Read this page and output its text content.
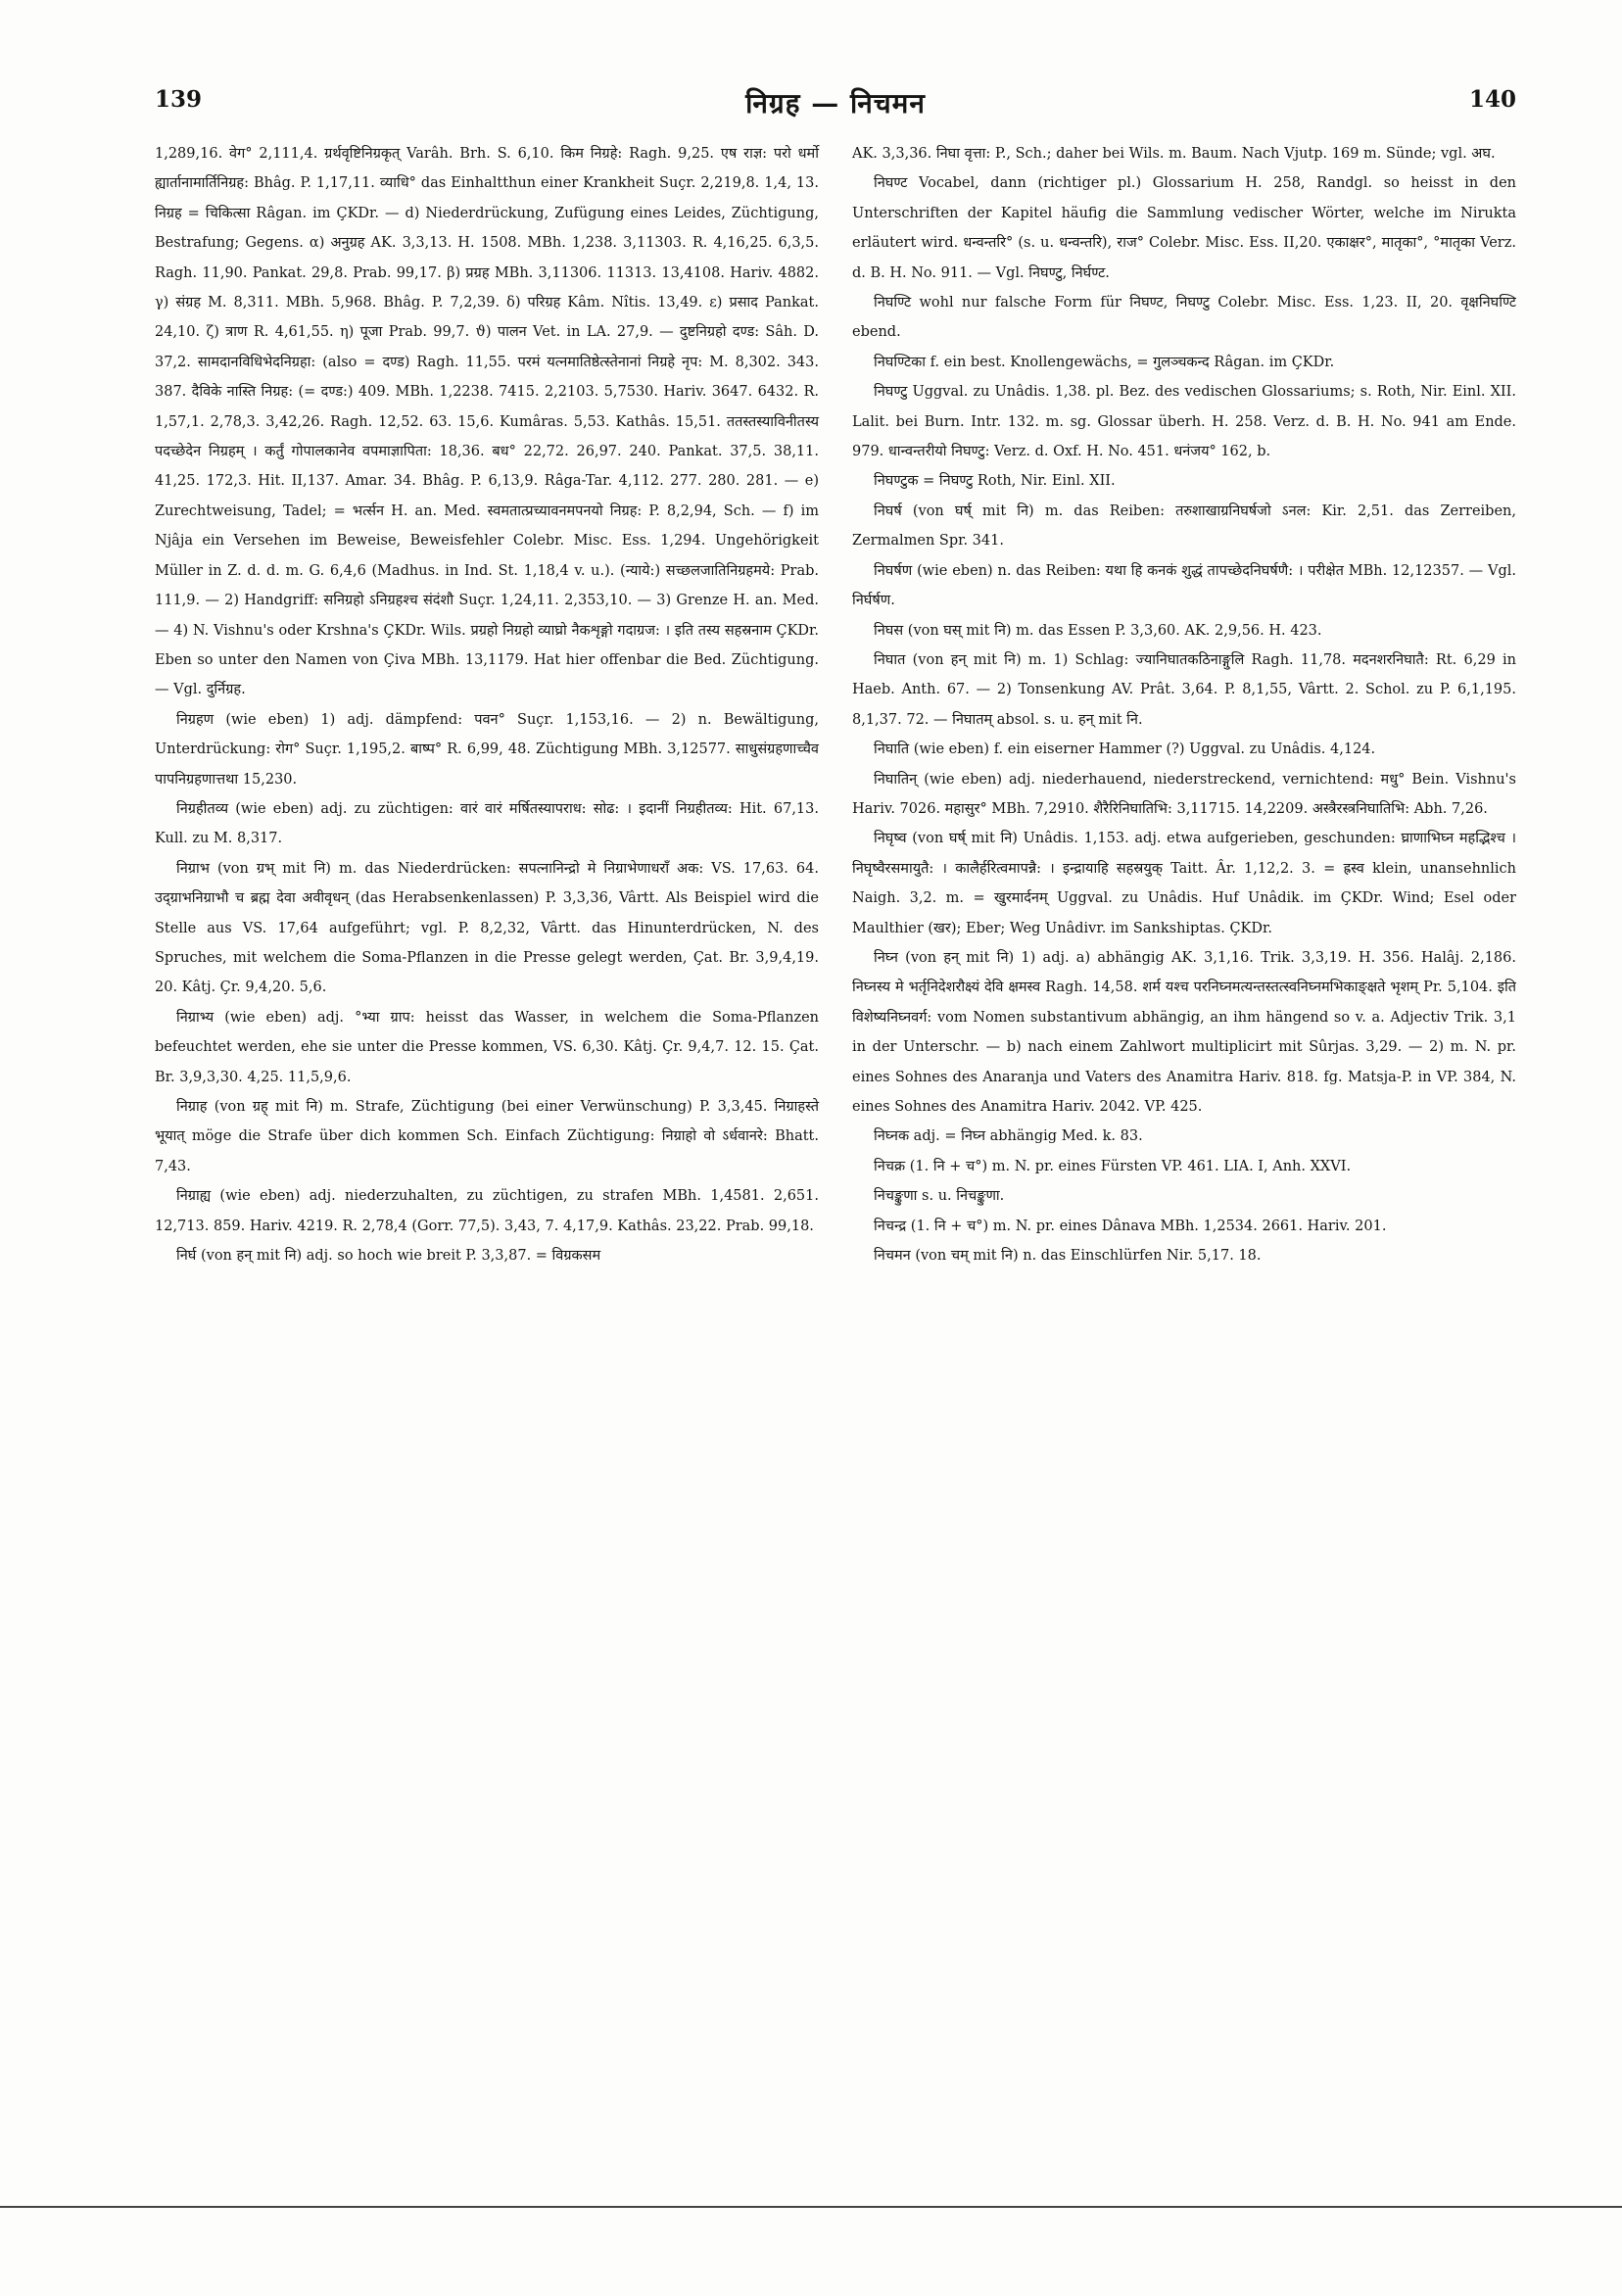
139	निग्रह — निचमन	140

1,289,16. वेग° 2,111,4. ग्रर्थवृष्टिनिग्रकृत् Varâh. Brh. S. 6,10. किम निग्रहे: Ragh. 9,25. एष राज्ञ: परो धर्मो ह्यार्तानामार्तिनिग्रह: Bhâg. P. 1,17,11. व्याधि° das Einhaltthun einer Krankheit Suçr. 2,219,8. 1,4, 13. निग्रह = चिकित्सा Râgan. im ÇKDr. — d) Niederdrückung, Zufügung eines Leides, Züchtigung, Bestrafung; Gegens. α) अनुग्रह AK. 3,3,13. H. 1508. MBh. 1,238. 3,11303. R. 4,16,25. 6,3,5. Ragh. 11,90. Pankat. 29,8. Prab. 99,17. β) प्रग्रह MBh. 3,11306. 11313. 13,4108. Hariv. 4882. γ) संग्रह M. 8,311. MBh. 5,968. Bhâg. P. 7,2,39. δ) परिग्रह Kâm. Nîtis. 13,49. ε) प्रसाद Pankat. 24,10. ζ) त्राण R. 4,61,55. η) पूजा Prab. 99,7. ϑ) पालन Vet. in LA. 27,9. — दुष्टनिग्रहो दण्ड: Sâh. D. 37,2. सामदानविधिभेदनिग्रहा: (also = दण्ड) Ragh. 11,55. परमं यत्नमातिष्ठेत्स्तेनानां निग्रहे नृप: M. 8,302. 343. 387. दैविके नास्ति निग्रह: (= दण्ड:) 409. MBh. 1,2238. 7415. 2,2103. 5,7530. Hariv. 3647. 6432. R. 1,57,1. 2,78,3. 3,42,26. Ragh. 12,52. 63. 15,6. Kumâras. 5,53. Kathâs. 15,51. ततस्तस्याविनीतस्य पदच्छेदेन निग्रहम् । कर्तुं गोपालकानेव वपमाज्ञापिता: 18,36. बध° 22,72. 26,97. 240. Pankat. 37,5. 38,11. 41,25. 172,3. Hit. II,137. Amar. 34. Bhâg. P. 6,13,9. Râga-Tar. 4,112. 277. 280. 281. — e) Zurechtweisung, Tadel; = भर्त्सन H. an. Med. स्वमतात्प्रच्यावनमपनयो निग्रह: P. 8,2,94, Sch. — f) im Njâja ein Versehen im Beweise, Beweisfehler Colebr. Misc. Ess. 1,294. Ungehörigkeit Müller in Z. d. d. m. G. 6,4,6 (Madhus. in Ind. St. 1,18,4 v. u.). (न्याये:) सच्छलजातिनिग्रहमये: Prab. 111,9. — 2) Handgriff: सनिग्रहो ऽनिग्रहश्च संदंशौ Suçr. 1,24,11. 2,353,10. — 3) Grenze H. an. Med. — 4) N. Vishnu's oder Krshna's ÇKDr. Wils. प्रग्रहो निग्रहो व्याघ्रो नैकशृङ्गो गदाग्रज: । इति तस्य सहस्रनाम ÇKDr. Eben so unter den Namen von Çiva MBh. 13,1179. Hat hier offenbar die Bed. Züchtigung. — Vgl. दुर्निग्रह.

निग्रहण (wie eben) 1) adj. dämpfend: पवन° Suçr. 1,153,16. — 2) n. Bewältigung, Unterdrückung: रोग° Suçr. 1,195,2. बाष्प° R. 6,99, 48. Züchtigung MBh. 3,12577. साधुसंग्रहणाच्चैव पापनिग्रहणात्तथा 15,230.

निग्रहीतव्य (wie eben) adj. zu züchtigen: वारं वारं मर्षितस्यापराध: सोढ: । इदानीं निग्रहीतव्य: Hit. 67,13. Kull. zu M. 8,317.

निग्राभ (von ग्रभ् mit नि) m. das Niederdrücken: सपत्नानिन्द्रो मे निग्राभेणाधराँ अक: VS. 17,63. 64. उद्ग्राभनिग्राभौ च ब्रह्म देवा अवीवृधन् (das Herabsenkenlassen) P. 3,3,36, Vârtt. Als Beispiel wird die Stelle aus VS. 17,64 aufgeführt; vgl. P. 8,2,32, Vârtt. das Hinunterdrücken, N. des Spruches, mit welchem die Soma-Pflanzen in die Presse gelegt werden, Çat. Br. 3,9,4,19. 20. Kâtj. Çr. 9,4,20. 5,6.

निग्राभ्य (wie eben) adj. °भ्या ग्राप: heisst das Wasser, in welchem die Soma-Pflanzen befeuchtet werden, ehe sie unter die Presse kommen, VS. 6,30. Kâtj. Çr. 9,4,7. 12. 15. Çat. Br. 3,9,3,30. 4,25. 11,5,9,6.

निग्राह (von ग्रह् mit नि) m. Strafe, Züchtigung (bei einer Verwünschung) P. 3,3,45. निग्राहस्ते भूयात् möge die Strafe über dich kommen Sch. Einfach Züchtigung: निग्राहो वो ऽर्धवानरे: Bhatt. 7,43.

निग्राह्य (wie eben) adj. niederzuhalten, zu züchtigen, zu strafen MBh. 1,4581. 2,651. 12,713. 859. Hariv. 4219. R. 2,78,4 (Gorr. 77,5). 3,43, 7. 4,17,9. Kathâs. 23,22. Prab. 99,18.

निर्घ (von हन् mit नि) adj. so hoch wie breit P. 3,3,87. = विग्रकसम

AK. 3,3,36. निघा वृत्ता: P., Sch.; daher bei Wils. m. Baum. Nach Vjutp. 169 m. Sünde; vgl. अघ.

निघण्ट Vocabel, dann (richtiger pl.) Glossarium H. 258, Randgl. so heisst in den Unterschriften der Kapitel häufig die Sammlung vedischer Wörter, welche im Nirukta erläutert wird. धन्वन्तरि° (s. u. धन्वन्तरि), राज° Colebr. Misc. Ess. II,20. एकाक्षर°, मातृका°, °मातृका Verz. d. B. H. No. 911. — Vgl. निघण्टु, निर्घण्ट.

निघण्टि wohl nur falsche Form für निघण्ट, निघण्टु Colebr. Misc. Ess. 1,23. II, 20. वृक्षनिघण्टि ebend.

निघण्टिका f. ein best. Knollengewächs, = गुलञ्चकन्द Râgan. im ÇKDr.

निघण्टु Uggval. zu Unâdis. 1,38. pl. Bez. des vedischen Glossariums; s. Roth, Nir. Einl. XII. Lalit. bei Burn. Intr. 132. m. sg. Glossar überh. H. 258. Verz. d. B. H. No. 941 am Ende. 979. धान्वन्तरीयो निघण्टु: Verz. d. Oxf. H. No. 451. धनंजय° 162, b.

निघण्टुक = निघण्टु Roth, Nir. Einl. XII.

निघर्ष (von घर्ष् mit नि) m. das Reiben: तरुशाखाग्रनिघर्षजो ऽनल: Kir. 2,51. das Zerreiben, Zermalmen Spr. 341.

निघर्षण (wie eben) n. das Reiben: यथा हि कनकं शुद्धं तापच्छेदनिघर्षणै: । परीक्षेत MBh. 12,12357. — Vgl. निर्घर्षण.

निघस (von घस् mit नि) m. das Essen P. 3,3,60. AK. 2,9,56. H. 423.

निघात (von हन् mit नि) m. 1) Schlag: ज्यानिघातकठिनाङ्गुलि Ragh. 11,78. मदनशरनिघातै: Rt. 6,29 in Haeb. Anth. 67. — 2) Tonsenkung AV. Prât. 3,64. P. 8,1,55, Vârtt. 2. Schol. zu P. 6,1,195. 8,1,37. 72. — निघातम् absol. s. u. हन् mit नि.

निघाति (wie eben) f. ein eiserner Hammer (?) Uggval. zu Unâdis. 4,124.

निघातिन् (wie eben) adj. niederhauend, niederstreckend, vernichtend: मधु° Bein. Vishnu's Hariv. 7026. महासुर° MBh. 7,2910. शैरैरिनिघातिभि: 3,11715. 14,2209. अस्त्रैरस्त्रनिघातिभि: Abh. 7,26.

निघृष्व (von घर्ष् mit नि) Unâdis. 1,153. adj. etwa aufgerieben, geschunden: घ्राणाभिघ्न महद्भिश्च । निघृष्वैरसमायुतै: । कालैर्हरित्वमापन्नै: । इन्द्रायाहि सहस्रयुक् Taitt. Âr. 1,12,2. 3. = ह्रस्व klein, unansehnlich Naigh. 3,2. m. = खुरमार्दनम् Uggval. zu Unâdis. Huf Unâdik. im ÇKDr. Wind; Esel oder Maulthier (खर); Eber; Weg Unâdivr. im Sankshiptas. ÇKDr.

निघ्न (von हन् mit नि) 1) adj. a) abhängig AK. 3,1,16. Trik. 3,3,19. H. 356. Halâj. 2,186. निघ्नस्य मे भर्तृनिदेशरौक्ष्यं देवि क्षमस्व Ragh. 14,58. शर्म यश्च परनिघ्नमत्यन्तस्तत्स्वनिघ्नमभिकाङ्क्षते भृशम् Pr. 5,104. इति विशेष्यनिघ्नवर्ग: vom Nomen substantivum abhängig, an ihm hängend so v. a. Adjectiv Trik. 3,1 in der Unterschr. — b) nach einem Zahlwort multiplicirt mit Sûrjas. 3,29. — 2) m. N. pr. eines Sohnes des Anaranja und Vaters des Anamitra Hariv. 818. fg. Matsja-P. in VP. 384, N. eines Sohnes des Anamitra Hariv. 2042. VP. 425.

निघ्नक adj. = निघ्न abhängig Med. k. 83.

निचक्र (1. नि + च°) m. N. pr. eines Fürsten VP. 461. LIA. I, Anh. XXVI.

निचङ्कुणा s. u. निचङ्कुणा.

निचन्द्र (1. नि + च°) m. N. pr. eines Dânava MBh. 1,2534. 2661. Hariv. 201.

निचमन (von चम् mit नि) n. das Einschlürfen Nir. 5,17. 18.
